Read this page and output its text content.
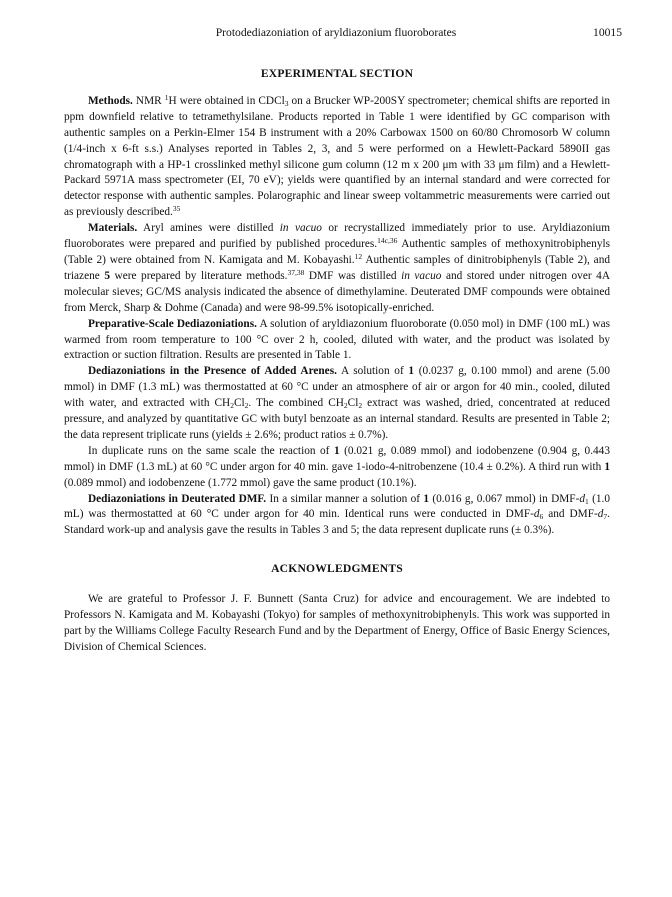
Protodediazoniation of aryldiazonium fluoroborates	10015
EXPERIMENTAL SECTION

Methods. NMR $^1$H were obtained in CDCl$_3$ on a Brucker WP-200SY spectrometer; chemical shifts are reported in ppm downfield relative to tetramethylsilane. Products reported in Table 1 were identified by GC comparison with authentic samples on a Perkin-Elmer 154 B instrument with a 20% Carbowax 1500 on 60/80 Chromosorb W column (1/4-inch x 6-ft s.s.) Analyses reported in Tables 2, 3, and 5 were performed on a Hewlett-Packard 5890II gas chromatograph with a HP-1 crosslinked methyl silicone gum column (12 m x 200 μm with 33 μm film) and a Hewlett-Packard 5971A mass spectrometer (EI, 70 eV); yields were quantified by an internal standard and were corrected for detector response with authentic samples. Polarographic and linear sweep voltammetric measurements were carried out as previously described.$^{35}$

Materials. Aryl amines were distilled in vacuo or recrystallized immediately prior to use. Aryldiazonium fluoroborates were prepared and purified by published procedures.$^{14c,36}$ Authentic samples of methoxynitrobiphenyls (Table 2) were obtained from N. Kamigata and M. Kobayashi.$^{12}$ Authentic samples of dinitrobiphenyls (Table 2), and triazene 5 were prepared by literature methods.$^{37,38}$ DMF was distilled in vacuo and stored under nitrogen over 4A molecular sieves; GC/MS analysis indicated the absence of dimethylamine. Deuterated DMF compounds were obtained from Merck, Sharp & Dohme (Canada) and were 98-99.5% isotopically-enriched.

Preparative-Scale Dediazoniations. A solution of aryldiazonium fluoroborate (0.050 mol) in DMF (100 mL) was warmed from room temperature to 100 °C over 2 h, cooled, diluted with water, and the product was isolated by extraction or suction filtration. Results are presented in Table 1.

Dediazoniations in the Presence of Added Arenes. A solution of 1 (0.0237 g, 0.100 mmol) and arene (5.00 mmol) in DMF (1.3 mL) was thermostatted at 60 °C under an atmosphere of air or argon for 40 min., cooled, diluted with water, and extracted with $CH_2Cl_2$. The combined $CH_2Cl_2$ extract was washed, dried, concentrated at reduced pressure, and analyzed by quantitative GC with butyl benzoate as an internal standard. Results are presented in Table 2; the data represent triplicate runs (yields ± 2.6%; product ratios ± 0.7%).

In duplicate runs on the same scale the reaction of 1 (0.021 g, 0.089 mmol) and iodobenzene (0.904 g, 0.443 mmol) in DMF (1.3 mL) at 60 °C under argon for 40 min. gave 1-iodo-4-nitrobenzene (10.4 ± 0.2%). A third run with 1 (0.089 mmol) and iodobenzene (1.772 mmol) gave the same product (10.1%).

Dediazoniations in Deuterated DMF. In a similar manner a solution of 1 (0.016 g, 0.067 mmol) in DMF-$d_1$ (1.0 mL) was thermostatted at 60 °C under argon for 40 min. Identical runs were conducted in DMF-$d_6$ and DMF-$d_7$. Standard work-up and analysis gave the results in Tables 3 and 5; the data represent duplicate runs (± 0.3%).

ACKNOWLEDGMENTS

We are grateful to Professor J. F. Bunnett (Santa Cruz) for advice and encouragement. We are indebted to Professors N. Kamigata and M. Kobayashi (Tokyo) for samples of methoxynitrobiphenyls. This work was supported in part by the Williams College Faculty Research Fund and by the Department of Energy, Office of Basic Energy Sciences, Division of Chemical Sciences.
